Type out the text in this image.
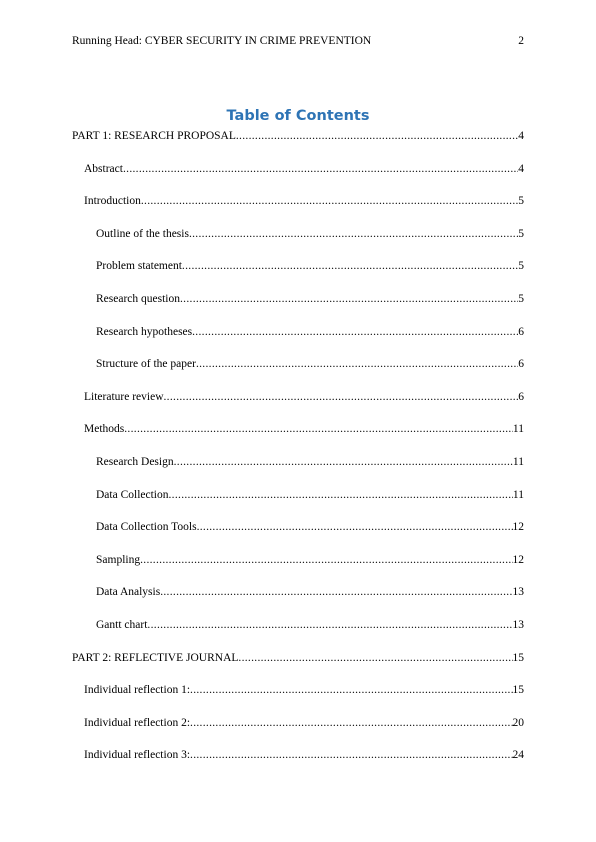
Running Head: CYBER SECURITY IN CRIME PREVENTION	2
Table of Contents
PART 1: RESEARCH PROPOSAL .....	4
Abstract .....	4
Introduction .....	5
Outline of the thesis .....	5
Problem statement .....	5
Research question .....	5
Research hypotheses .....	6
Structure of the paper .....	6
Literature review .....	6
Methods .....	11
Research Design .....	11
Data Collection .....	11
Data Collection Tools .....	12
Sampling .....	12
Data Analysis .....	13
Gantt chart .....	13
PART 2: REFLECTIVE JOURNAL .....	15
Individual reflection 1: .....	15
Individual reflection 2: .....	20
Individual reflection 3: .....	24
